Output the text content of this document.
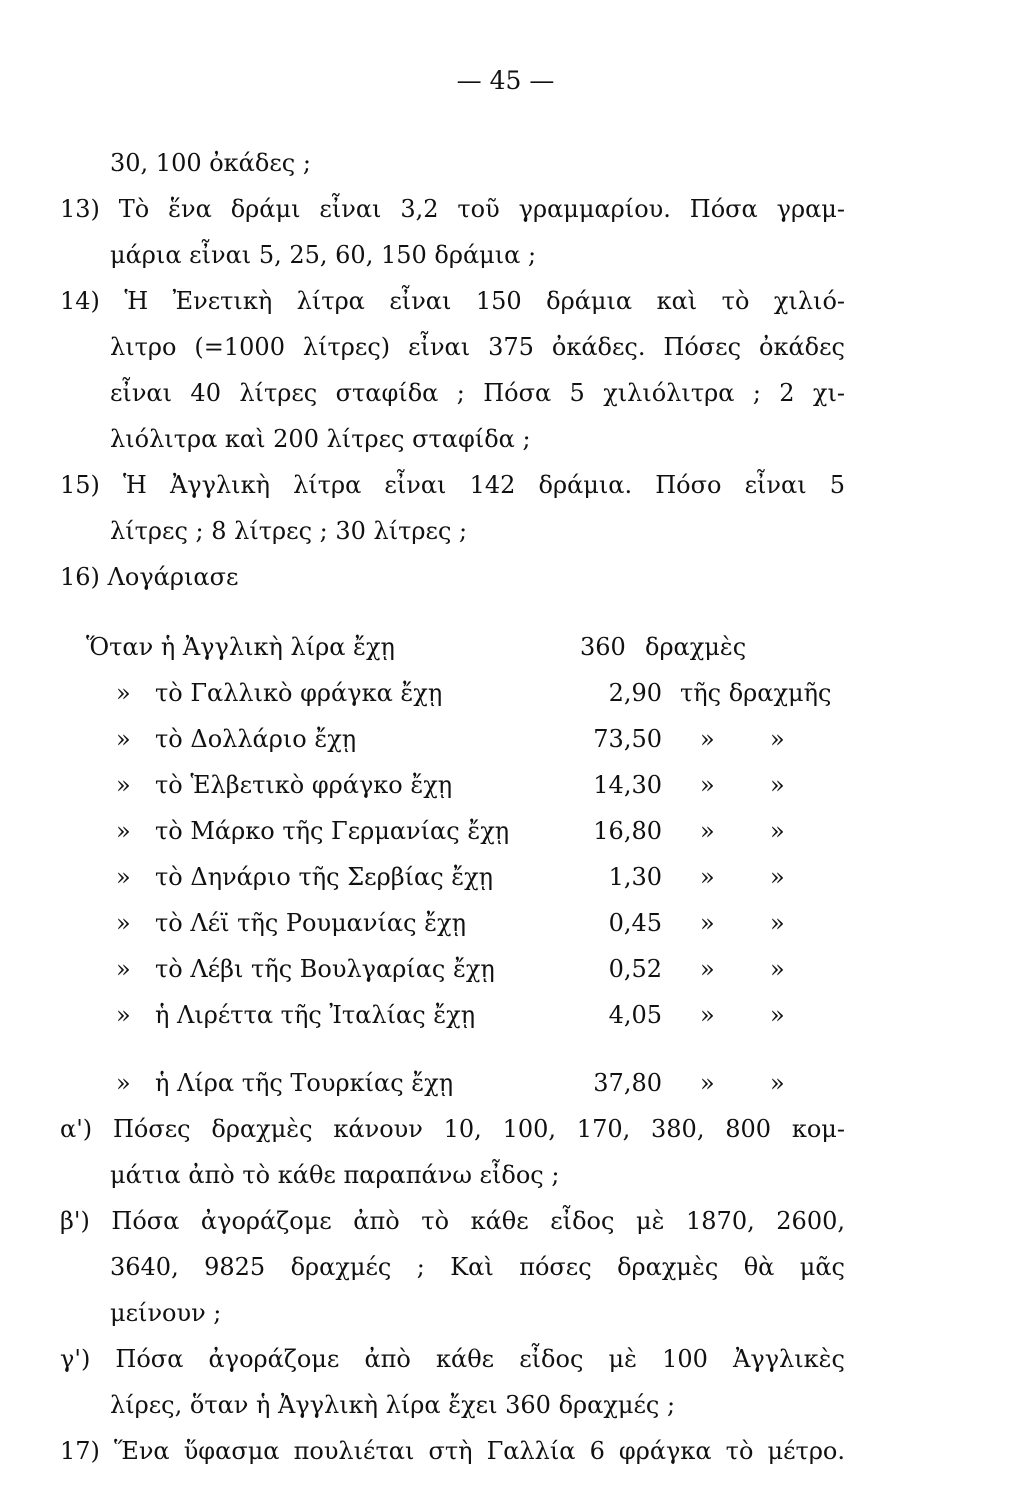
— 45 —
30, 100 ὀκάδες ;
13) Τὸ ἕνα δράμι εἶναι 3,2 τοῦ γραμμαρίου. Πόσα γραμ-
μάρια εἶναι 5, 25, 60, 150 δράμια ;
14) Ἡ Ἐνετικὴ λίτρα εἶναι 150 δράμια καὶ τὸ χιλιό-
λιτρο (=1000 λίτρες) εἶναι 375 ὀκάδες. Πόσες ὀκάδες
εἶναι 40 λίτρες σταφίδα ; Πόσα 5 χιλιόλιτρα ; 2 χι-
λιόλιτρα καὶ 200 λίτρες σταφίδα ;
15) Ἡ Ἀγγλικὴ λίτρα εἶναι 142 δράμια. Πόσο εἶναι 5
λίτρες ; 8 λίτρες ; 30 λίτρες ;
16) Λογάριασε
Ὅταν ἡ Ἀγγλικὴ λίρα ἔχῃ	360 δραχμὲς
» τὸ Γαλλικὸ φράγκα ἔχῃ	2,90 τῆς δραχμῆς
» τὸ Δολλάριο ἔχῃ	73,50 » »
» τὸ Ἑλβετικὸ φράγκο ἔχῃ	14,30 » »
» τὸ Μάρκο τῆς Γερμανίας ἔχῃ	16,80 » »
» τὸ Δηνάριο τῆς Σερβίας ἔχῃ	1,30 » »
» τὸ Λέϊ τῆς Ρουμανίας ἔχῃ	0,45 » »
» τὸ Λέβι τῆς Βουλγαρίας ἔχῃ	0,52 » »
» ἡ Λιρέττα τῆς Ἰταλίας ἔχῃ	4,05 » »
» ἡ Λίρα τῆς Τουρκίας ἔχῃ	37,80 » »
α') Πόσες δραχμὲς κάνουν 10, 100, 170, 380, 800 κομ-
μάτια ἀπὸ τὸ κάθε παραπάνω εἶδος ;
β') Πόσα ἀγοράζομε ἀπὸ τὸ κάθε εἶδος μὲ 1870, 2600,
3640, 9825 δραχμές ; Καὶ πόσες δραχμὲς θὰ μᾶς
μείνουν ;
γ') Πόσα ἀγοράζομε ἀπὸ κάθε εἶδος μὲ 100 Ἀγγλικὲς
λίρες, ὅταν ἡ Ἀγγλικὴ λίρα ἔχει 360 δραχμές ;
17) Ἕνα ὕφασμα πουλιέται στὴ Γαλλία 6 φράγκα τὸ μέτρο.
